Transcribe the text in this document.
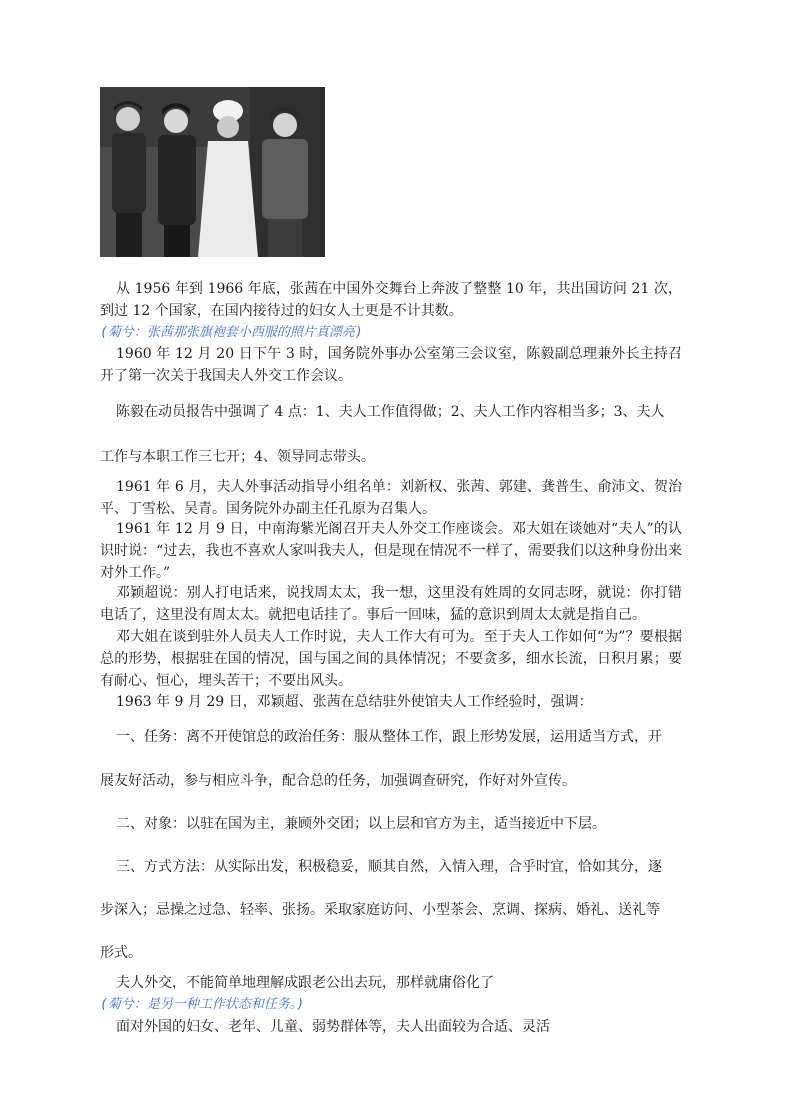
从 1956 年到 1966 年底，张茜在中国外交舞台上奔波了整整 10 年，共出国访问 21 次，到过 12 个国家，在国内接待过的妇女人士更是不计其数。

(菊兮：张茜那张旗袍套小西服的照片真漂亮)

1960 年 12 月 20 日下午 3 时，国务院外事办公室第三会议室，陈毅副总理兼外长主持召开了第一次关于我国夫人外交工作会议。

陈毅在动员报告中强调了 4 点：1、夫人工作值得做；2、夫人工作内容相当多；3、夫人

工作与本职工作三七开；4、领导同志带头。

1961 年 6 月，夫人外事活动指导小组名单：刘新权、张茜、郭建、龚普生、俞沛文、贺治平、丁雪松、吴青。国务院外办副主任孔原为召集人。

1961 年 12 月 9 日，中南海紫光阁召开夫人外交工作座谈会。邓大姐在谈她对“夫人”的认识时说：“过去，我也不喜欢人家叫我夫人，但是现在情况不一样了，需要我们以这种身份出来对外工作。”

邓颖超说：别人打电话来，说找周太太，我一想，这里没有姓周的女同志呀，就说：你打错电话了，这里没有周太太。就把电话挂了。事后一回味，猛的意识到周太太就是指自己。

邓大姐在谈到驻外人员夫人工作时说，夫人工作大有可为。至于夫人工作如何“为”？要根据总的形势，根据驻在国的情况，国与国之间的具体情况；不要贪多，细水长流，日积月累；要有耐心、恒心，埋头苦干；不要出风头。

1963 年 9 月 29 日，邓颖超、张茜在总结驻外使馆夫人工作经验时，强调：

一、任务：离不开使馆总的政治任务：服从整体工作，跟上形势发展，运用适当方式，开

展友好活动，参与相应斗争，配合总的任务，加强调查研究，作好对外宣传。

二、对象：以驻在国为主，兼顾外交团；以上层和官方为主，适当接近中下层。

三、方式方法：从实际出发，积极稳妥，顺其自然，入情入理，合乎时宜，恰如其分，逐

步深入；忌操之过急、轻率、张扬。采取家庭访问、小型茶会、烹调、探病、婚礼、送礼等

形式。

夫人外交，不能简单地理解成跟老公出去玩，那样就庸俗化了

(菊兮：是另一种工作状态和任务。)

面对外国的妇女、老年、儿童、弱势群体等，夫人出面较为合适、灵活
